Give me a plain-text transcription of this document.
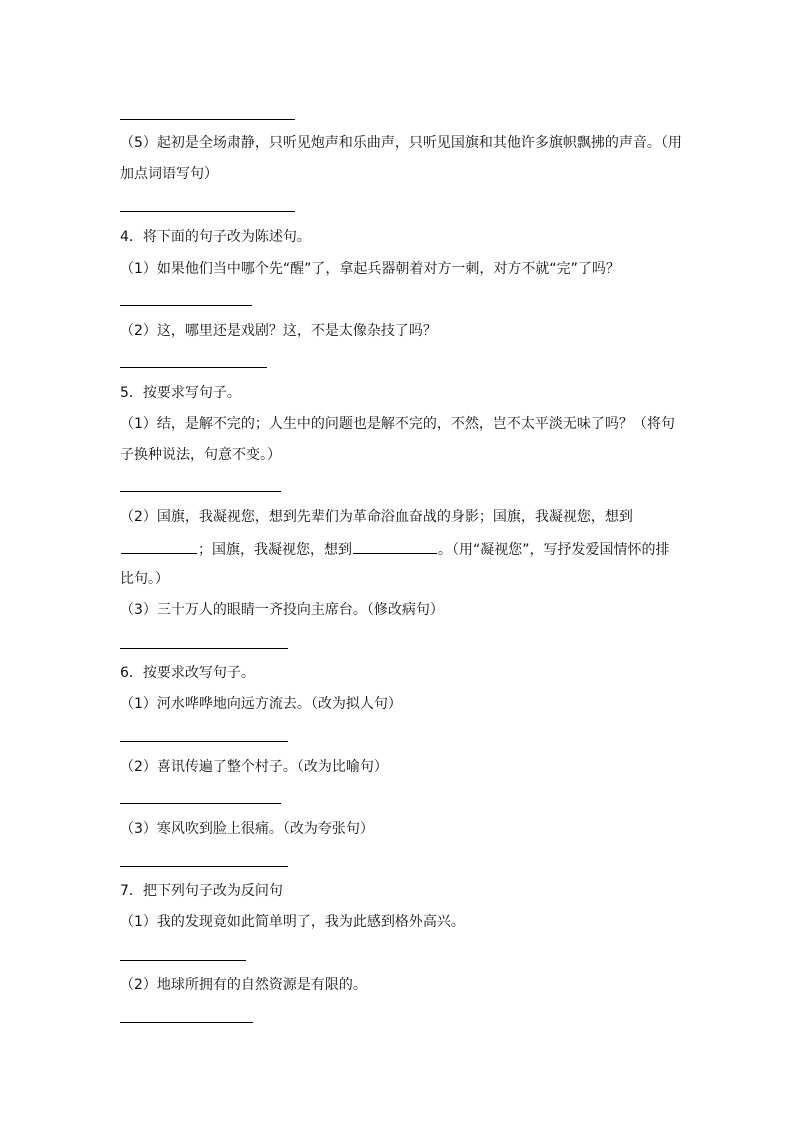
（5）起初是全场肃静，只听见炮声和乐曲声，只听见国旗和其他许多旗帜飘拂的声音。（用
加点词语写句）
4．将下面的句子改为陈述句。
（1）如果他们当中哪个先“醒”了，拿起兵器朝着对方一刺，对方不就“完”了吗？
（2）这，哪里还是戏剧？这，不是太像杂技了吗？
5．按要求写句子。
（1）结，是解不完的；人生中的问题也是解不完的，不然，岂不太平淡无味了吗？（将句
子换种说法，句意不变。）
（2）国旗，我凝视您，想到先辈们为革命浴血奋战的身影；国旗，我凝视您，想到
；国旗，我凝视您，想到	。（用“凝视您”，写抒发爱国情怀的排
比句。）
（3）三十万人的眼睛一齐投向主席台。（修改病句）
6．按要求改写句子。
（1）河水哗哗地向远方流去。（改为拟人句）
（2）喜讯传遍了整个村子。（改为比喻句）
（3）寒风吹到脸上很痛。（改为夸张句）
7．把下列句子改为反问句
（1）我的发现竟如此简单明了，我为此感到格外高兴。
（2）地球所拥有的自然资源是有限的。
